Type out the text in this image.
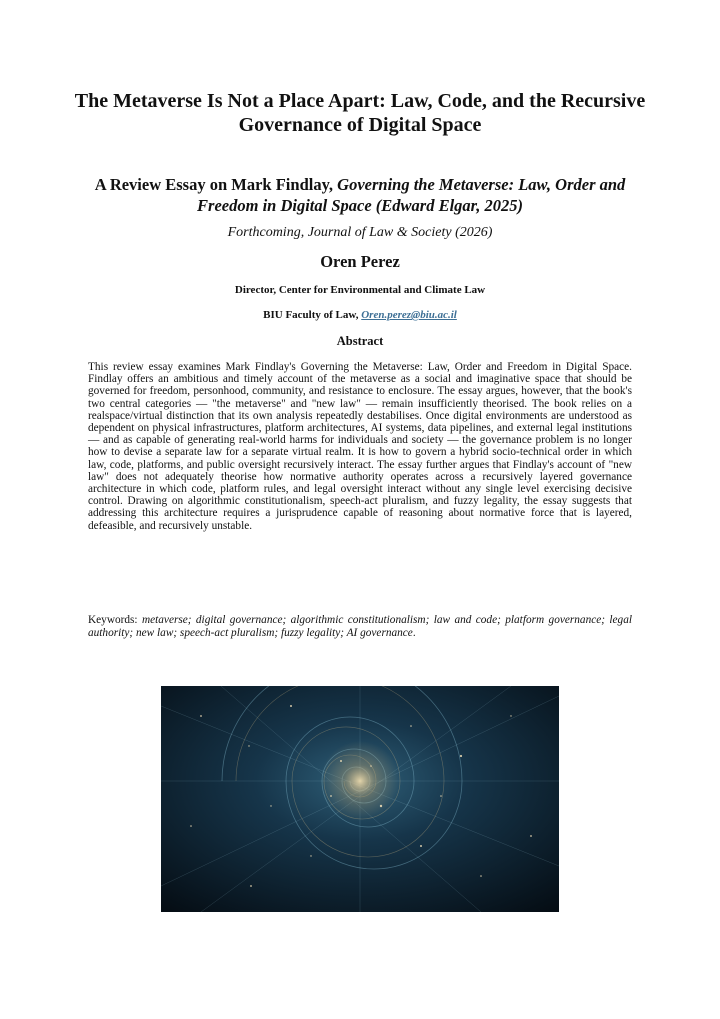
The Metaverse Is Not a Place Apart: Law, Code, and the Recursive Governance of Digital Space
A Review Essay on Mark Findlay, Governing the Metaverse: Law, Order and Freedom in Digital Space (Edward Elgar, 2025)
Forthcoming, Journal of Law & Society (2026)
Oren Perez
Director, Center for Environmental and Climate Law
BIU Faculty of Law, Oren.perez@biu.ac.il
Abstract

This review essay examines Mark Findlay's Governing the Metaverse: Law, Order and Freedom in Digital Space. Findlay offers an ambitious and timely account of the metaverse as a social and imaginative space that should be governed for freedom, personhood, community, and resistance to enclosure. The essay argues, however, that the book's two central categories — "the metaverse" and "new law" — remain insufficiently theorised. The book relies on a realspace/virtual distinction that its own analysis repeatedly destabilises. Once digital environments are understood as dependent on physical infrastructures, platform architectures, AI systems, data pipelines, and external legal institutions — and as capable of generating real-world harms for individuals and society — the governance problem is no longer how to devise a separate law for a separate virtual realm. It is how to govern a hybrid socio-technical order in which law, code, platforms, and public oversight recursively interact. The essay further argues that Findlay's account of "new law" does not adequately theorise how normative authority operates across a recursively layered governance architecture in which code, platform rules, and legal oversight interact without any single level exercising decisive control. Drawing on algorithmic constitutionalism, speech-act pluralism, and fuzzy legality, the essay suggests that addressing this architecture requires a jurisprudence capable of reasoning about normative force that is layered, defeasible, and recursively unstable.

Keywords: metaverse; digital governance; algorithmic constitutionalism; law and code; platform governance; legal authority; new law; speech-act pluralism; fuzzy legality; AI governance.
